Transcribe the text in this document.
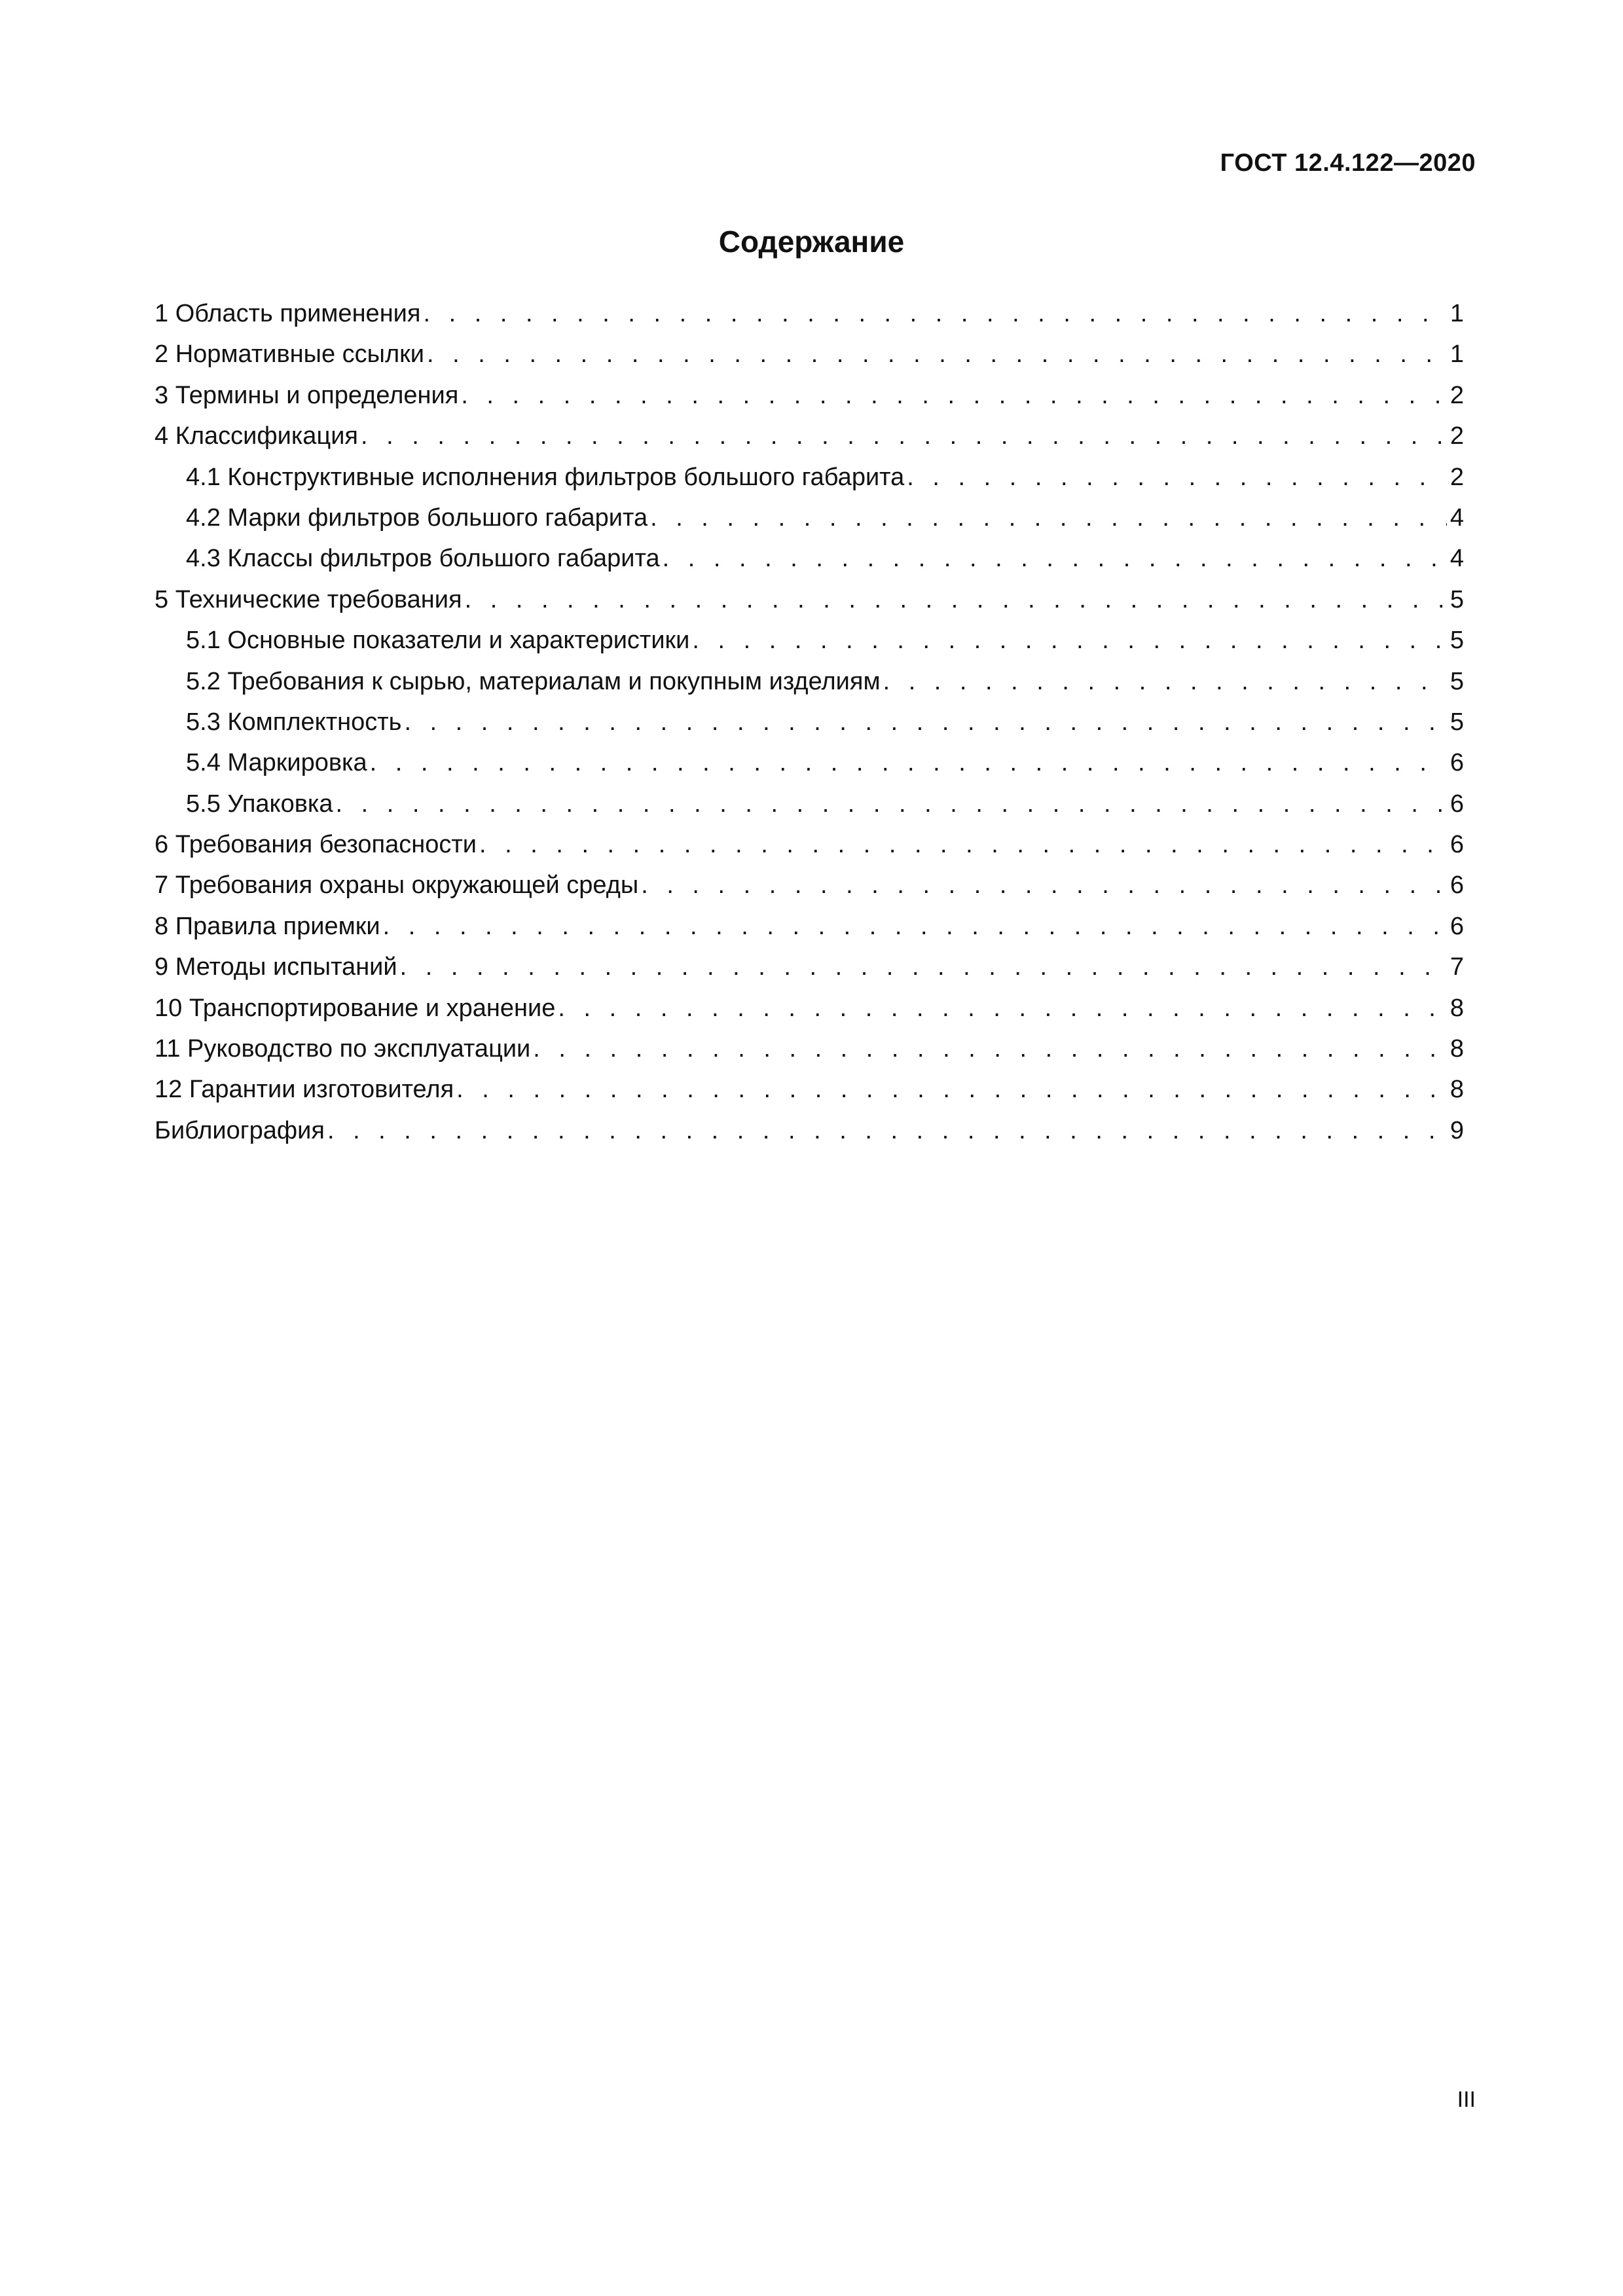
ГОСТ 12.4.122—2020
Содержание
1 Область применения . . .	1
2 Нормативные ссылки . . .	1
3 Термины и определения . . .	2
4 Классификация . . .	2
4.1 Конструктивные исполнения фильтров большого габарита . . .	2
4.2 Марки фильтров большого габарита . . .	4
4.3 Классы фильтров большого габарита . . .	4
5 Технические требования . . .	5
5.1 Основные показатели и характеристики . . .	5
5.2 Требования к сырью, материалам и покупным изделиям . . .	5
5.3 Комплектность . . .	5
5.4 Маркировка . . .	6
5.5 Упаковка . . .	6
6 Требования безопасности . . .	6
7 Требования охраны окружающей среды . . .	6
8 Правила приемки . . .	6
9 Методы испытаний . . .	7
10 Транспортирование и хранение . . .	8
11 Руководство по эксплуатации . . .	8
12 Гарантии изготовителя . . .	8
Библиография . . .	9
III
